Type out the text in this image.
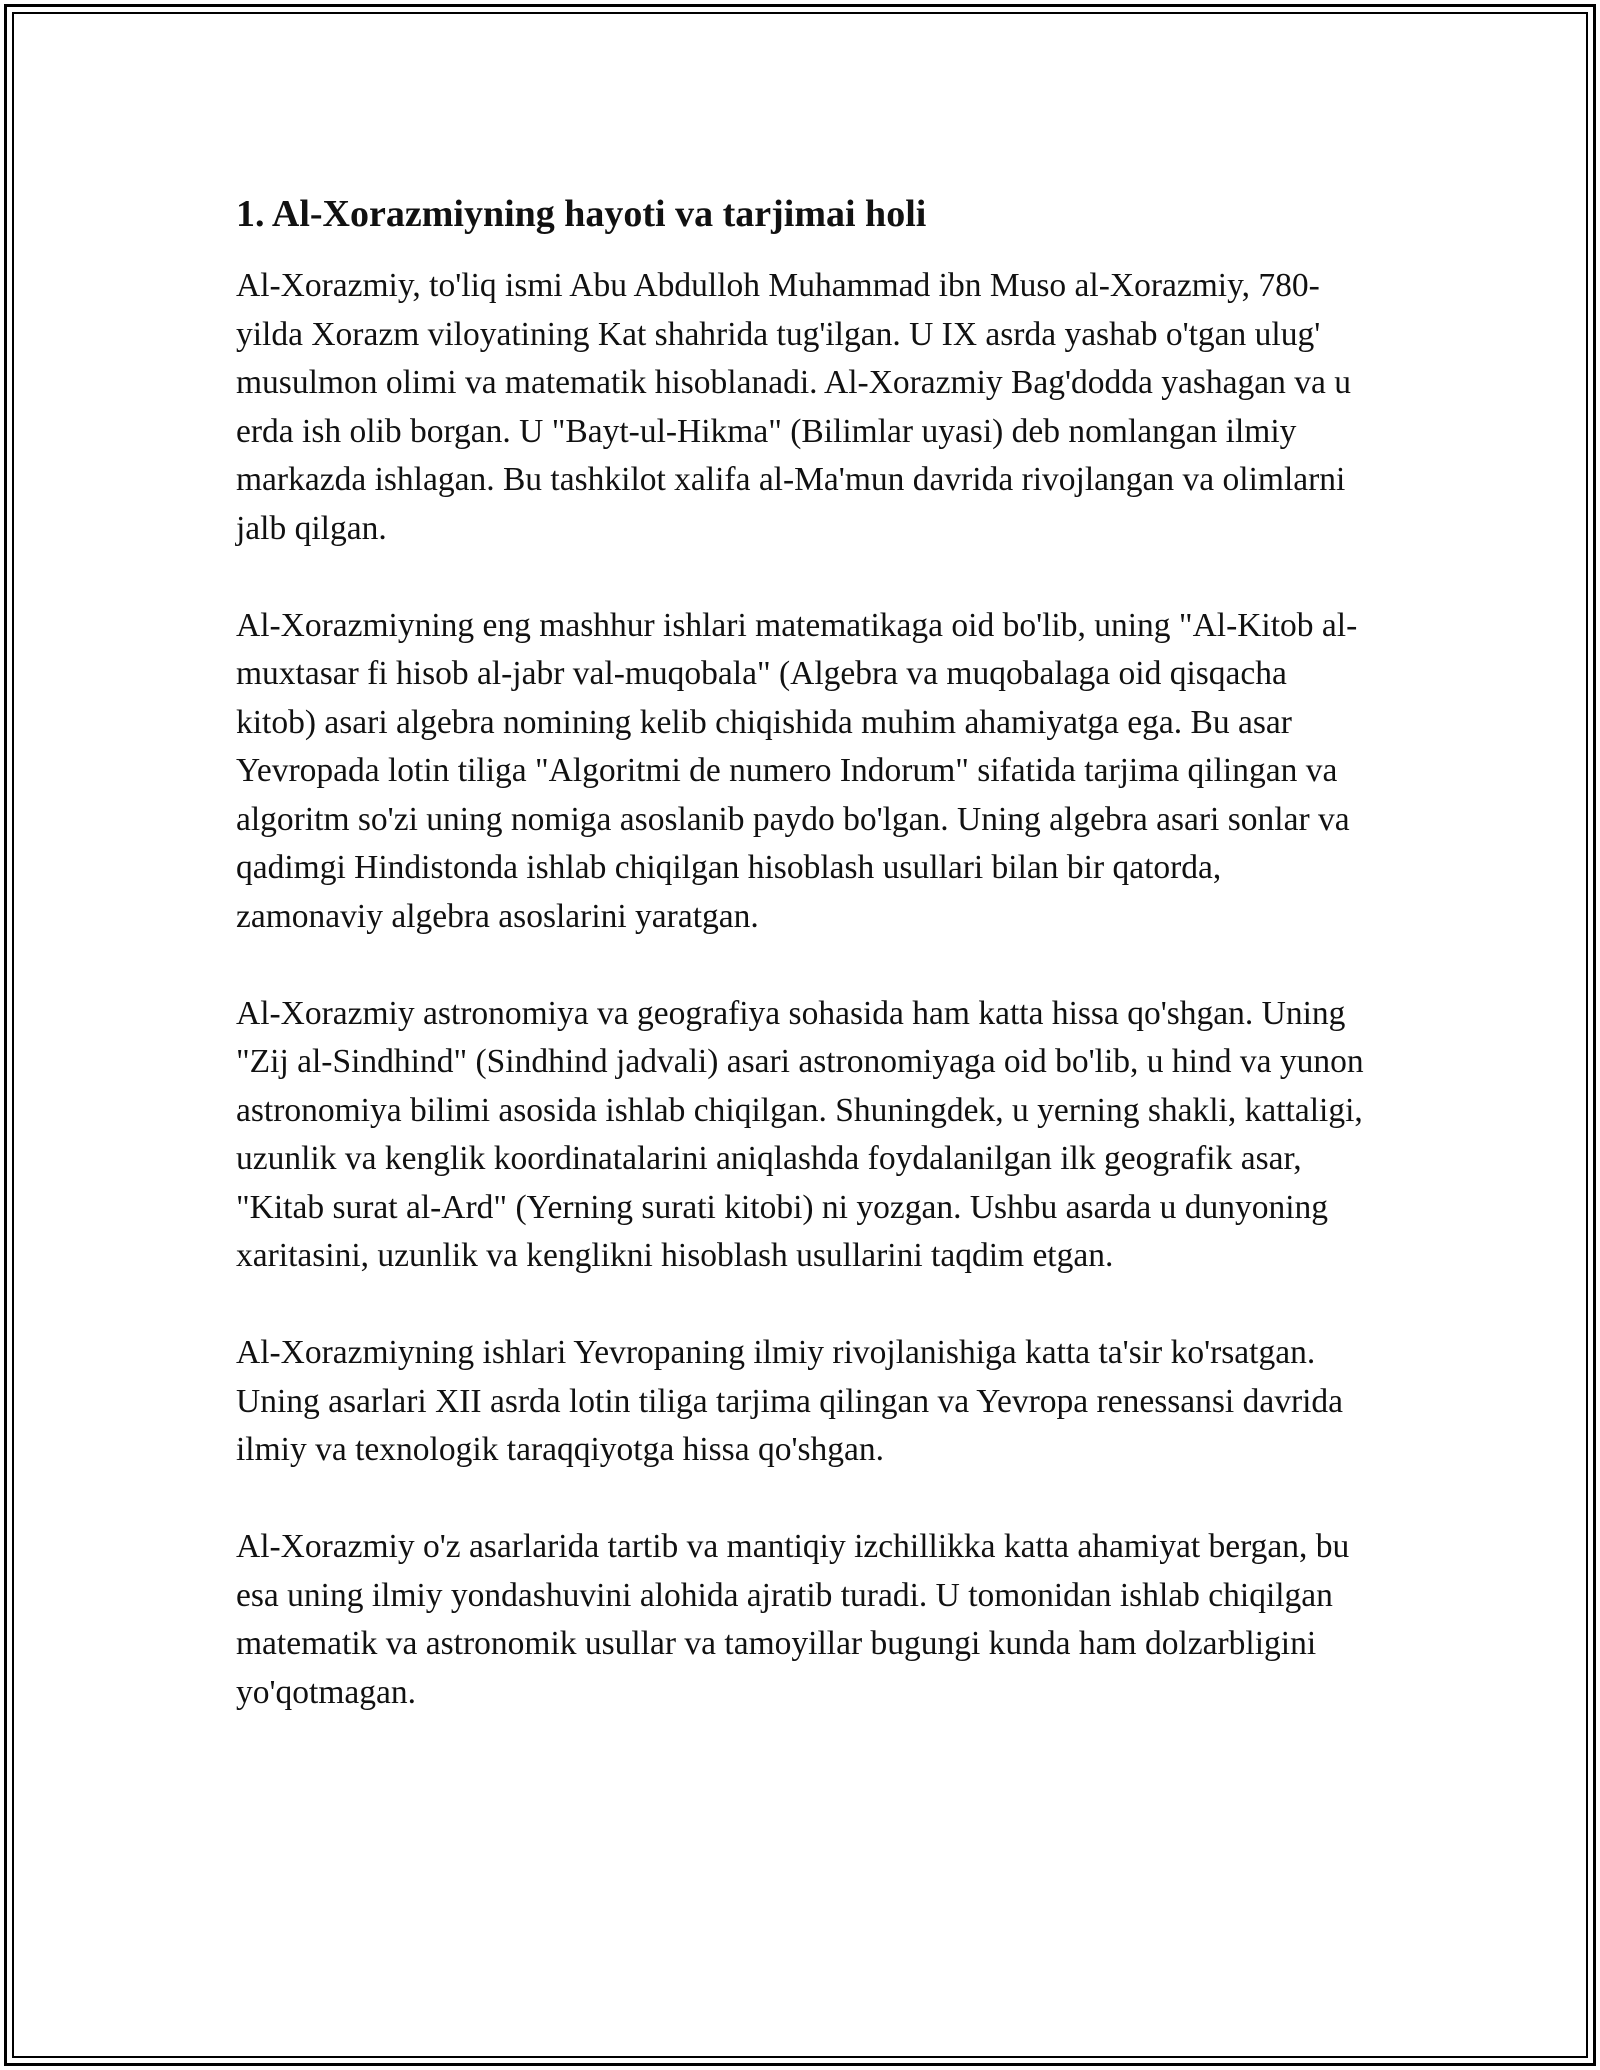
1. Al-Xorazmiyning hayoti va tarjimai holi

Al-Xorazmiy, to'liq ismi Abu Abdulloh Muhammad ibn Muso al-Xorazmiy, 780-yilda Xorazm viloyatining Kat shahrida tug'ilgan. U IX asrda yashab o'tgan ulug' musulmon olimi va matematik hisoblanadi. Al-Xorazmiy Bag'dodda yashagan va u erda ish olib borgan. U "Bayt-ul-Hikma" (Bilimlar uyasi) deb nomlangan ilmiy markazda ishlagan. Bu tashkilot xalifa al-Ma'mun davrida rivojlangan va olimlarni jalb qilgan.

Al-Xorazmiyning eng mashhur ishlari matematikaga oid bo'lib, uning "Al-Kitob al-muxtasar fi hisob al-jabr val-muqobala" (Algebra va muqobalaga oid qisqacha kitob) asari algebra nomining kelib chiqishida muhim ahamiyatga ega. Bu asar Yevropada lotin tiliga "Algoritmi de numero Indorum" sifatida tarjima qilingan va algoritm so'zi uning nomiga asoslanib paydo bo'lgan. Uning algebra asari sonlar va qadimgi Hindistonda ishlab chiqilgan hisoblash usullari bilan bir qatorda, zamonaviy algebra asoslarini yaratgan.

Al-Xorazmiy astronomiya va geografiya sohasida ham katta hissa qo'shgan. Uning "Zij al-Sindhind" (Sindhind jadvali) asari astronomiyaga oid bo'lib, u hind va yunon astronomiya bilimi asosida ishlab chiqilgan. Shuningdek, u yerning shakli, kattaligi, uzunlik va kenglik koordinatalarini aniqlashda foydalanilgan ilk geografik asar, "Kitab surat al-Ard" (Yerning surati kitobi) ni yozgan. Ushbu asarda u dunyoning xaritasini, uzunlik va kenglikni hisoblash usullarini taqdim etgan.

Al-Xorazmiyning ishlari Yevropaning ilmiy rivojlanishiga katta ta'sir ko'rsatgan. Uning asarlari XII asrda lotin tiliga tarjima qilingan va Yevropa renessansi davrida ilmiy va texnologik taraqqiyotga hissa qo'shgan.

Al-Xorazmiy o'z asarlarida tartib va mantiqiy izchillikka katta ahamiyat bergan, bu esa uning ilmiy yondashuvini alohida ajratib turadi. U tomonidan ishlab chiqilgan matematik va astronomik usullar va tamoyillar bugungi kunda ham dolzarbligini yo'qotmagan.
